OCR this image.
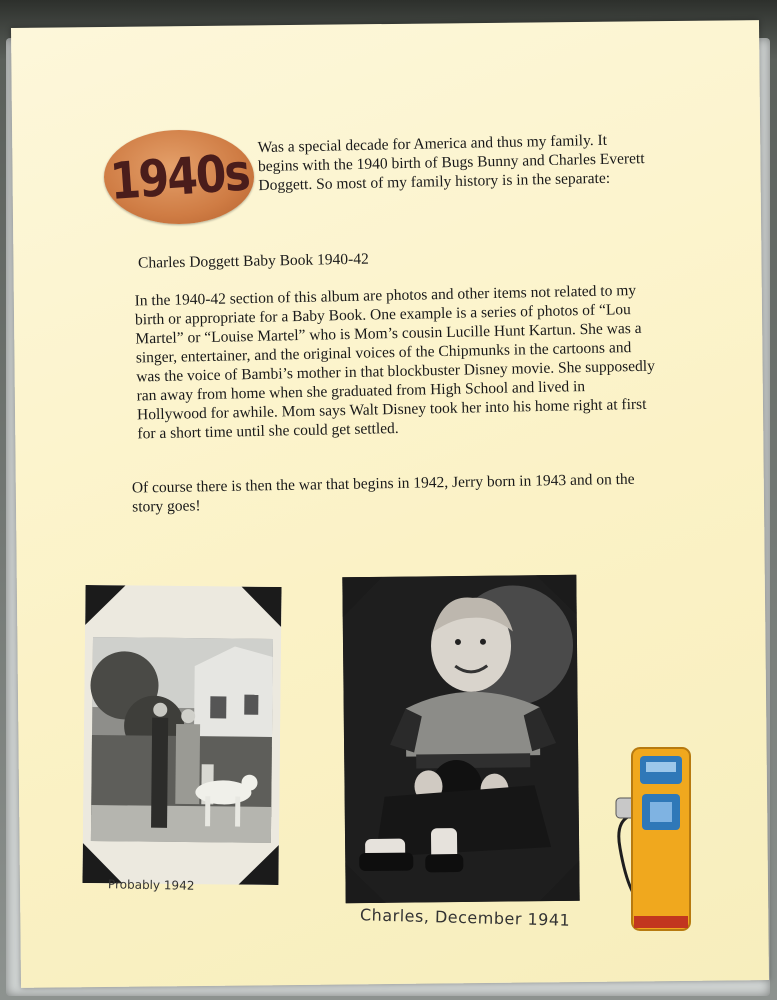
1940s Was a special decade for America and thus my family. It begins with the 1940 birth of Bugs Bunny and Charles Everett Doggett. So most of my family history is in the separate:

Charles Doggett Baby Book 1940-42

In the 1940-42 section of this album are photos and other items not related to my birth or appropriate for a Baby Book. One example is a series of photos of “Lou Martel” or “Louise Martel” who is Mom’s cousin Lucille Hunt Kartun. She was a singer, entertainer, and the original voices of the Chipmunks in the cartoons and was the voice of Bambi’s mother in that blockbuster Disney movie. She supposedly ran away from home when she graduated from High School and lived in Hollywood for awhile. Mom says Walt Disney took her into his home right at first for a short time until she could get settled.

Of course there is then the war that begins in 1942, Jerry born in 1943 and on the story goes!

Probably 1942
Charles, December 1941
